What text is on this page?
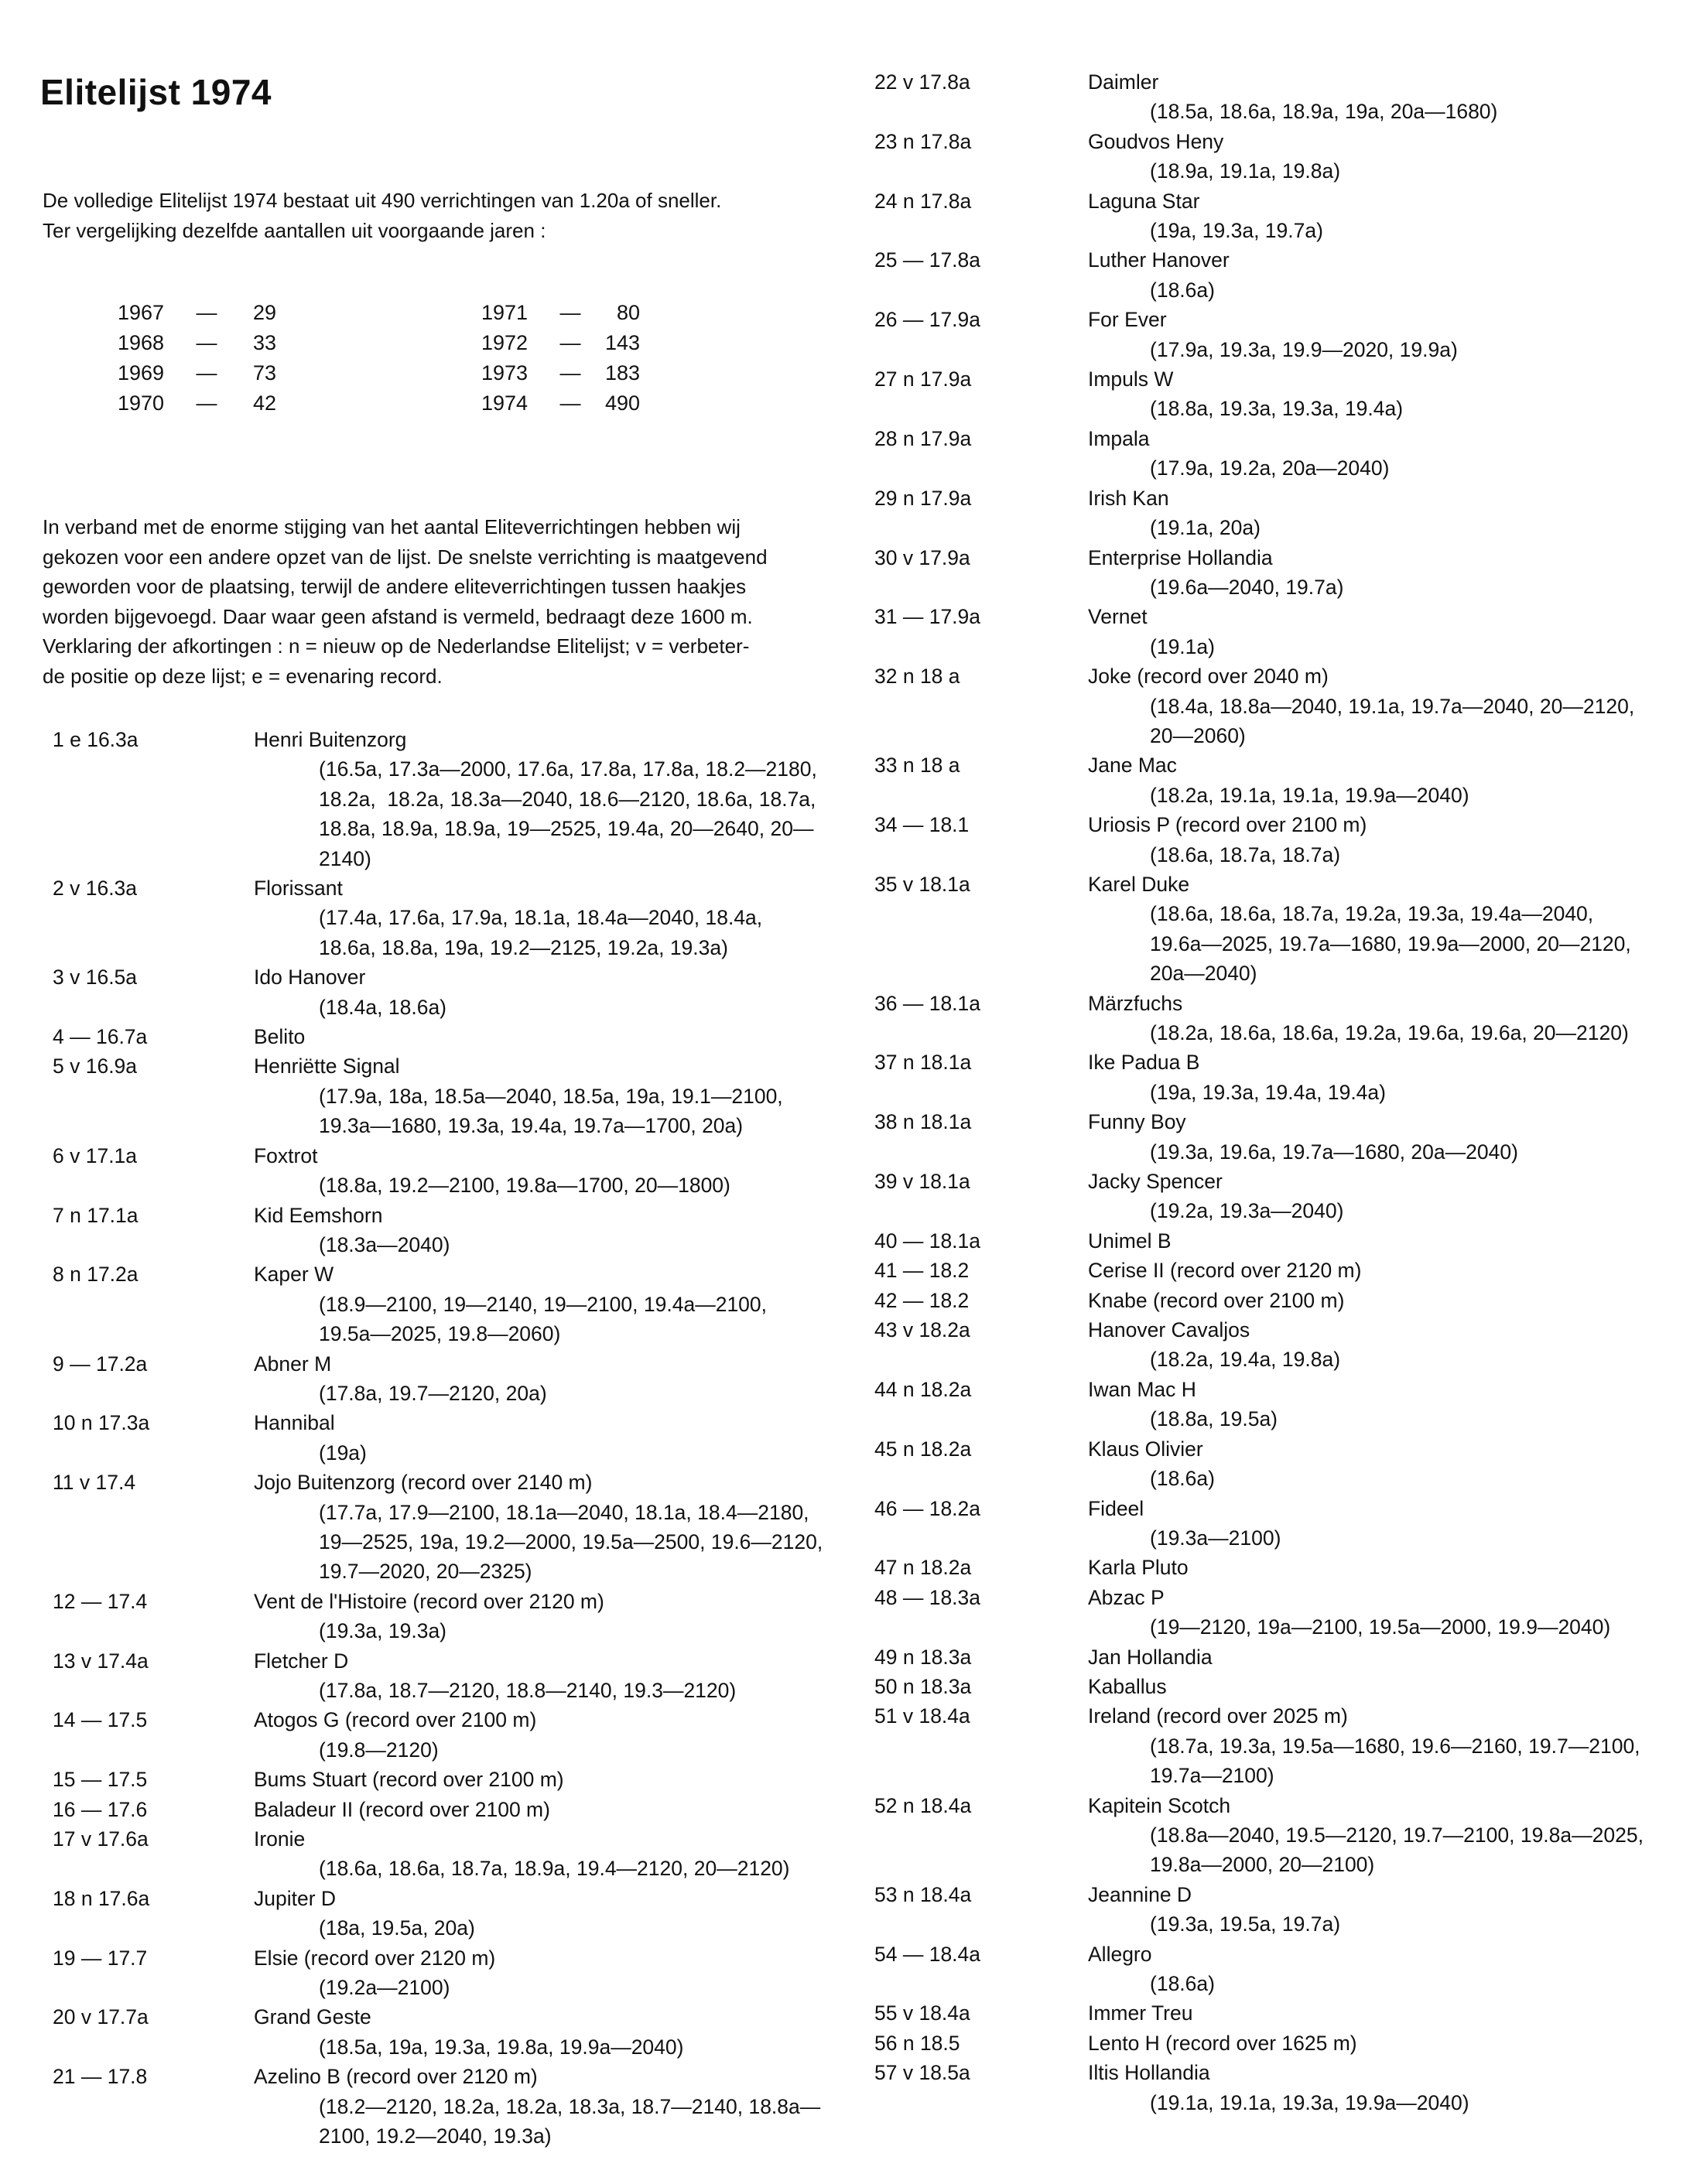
Elitelijst 1974
De volledige Elitelijst 1974 bestaat uit 490 verrichtingen van 1.20a of sneller.
Ter vergelijking dezelfde aantallen uit voorgaande jaren :
1967	—	29
1968	—	33
1969	—	73
1970	—	42
1971	—	80
1972	—	143
1973	—	183
1974	—	490
In verband met de enorme stijging van het aantal Eliteverrichtingen hebben wij
gekozen voor een andere opzet van de lijst. De snelste verrichting is maatgevend
geworden voor de plaatsing, terwijl de andere eliteverrichtingen tussen haakjes
worden bijgevoegd. Daar waar geen afstand is vermeld, bedraagt deze 1600 m.
Verklaring der afkortingen : n = nieuw op de Nederlandse Elitelijst; v = verbeter-
de positie op deze lijst; e = evenaring record.
1 e 16.3a	Henri Buitenzorg
(16.5a, 17.3a—2000, 17.6a, 17.8a, 17.8a, 18.2—2180,
18.2a,  18.2a, 18.3a—2040, 18.6—2120, 18.6a, 18.7a,
18.8a, 18.9a, 18.9a, 19—2525, 19.4a, 20—2640, 20—
2140)
2 v 16.3a	Florissant
(17.4a, 17.6a, 17.9a, 18.1a, 18.4a—2040, 18.4a,
18.6a, 18.8a, 19a, 19.2—2125, 19.2a, 19.3a)
3 v 16.5a	Ido Hanover
(18.4a, 18.6a)
4 — 16.7a	Belito
5 v 16.9a	Henriëtte Signal
(17.9a, 18a, 18.5a—2040, 18.5a, 19a, 19.1—2100,
19.3a—1680, 19.3a, 19.4a, 19.7a—1700, 20a)
6 v 17.1a	Foxtrot
(18.8a, 19.2—2100, 19.8a—1700, 20—1800)
7 n 17.1a	Kid Eemshorn
(18.3a—2040)
8 n 17.2a	Kaper W
(18.9—2100, 19—2140, 19—2100, 19.4a—2100,
19.5a—2025, 19.8—2060)
9 — 17.2a	Abner M
(17.8a, 19.7—2120, 20a)
10 n 17.3a	Hannibal
(19a)
11 v 17.4	Jojo Buitenzorg (record over 2140 m)
(17.7a, 17.9—2100, 18.1a—2040, 18.1a, 18.4—2180,
19—2525, 19a, 19.2—2000, 19.5a—2500, 19.6—2120,
19.7—2020, 20—2325)
12 — 17.4	Vent de l'Histoire (record over 2120 m)
(19.3a, 19.3a)
13 v 17.4a	Fletcher D
(17.8a, 18.7—2120, 18.8—2140, 19.3—2120)
14 — 17.5	Atogos G (record over 2100 m)
(19.8—2120)
15 — 17.5	Bums Stuart (record over 2100 m)
16 — 17.6	Baladeur II (record over 2100 m)
17 v 17.6a	Ironie
(18.6a, 18.6a, 18.7a, 18.9a, 19.4—2120, 20—2120)
18 n 17.6a	Jupiter D
(18a, 19.5a, 20a)
19 — 17.7	Elsie (record over 2120 m)
(19.2a—2100)
20 v 17.7a	Grand Geste
(18.5a, 19a, 19.3a, 19.8a, 19.9a—2040)
21 — 17.8	Azelino B (record over 2120 m)
(18.2—2120, 18.2a, 18.2a, 18.3a, 18.7—2140, 18.8a—
2100, 19.2—2040, 19.3a)
22 v 17.8a	Daimler
(18.5a, 18.6a, 18.9a, 19a, 20a—1680)
23 n 17.8a	Goudvos Heny
(18.9a, 19.1a, 19.8a)
24 n 17.8a	Laguna Star
(19a, 19.3a, 19.7a)
25 — 17.8a	Luther Hanover
(18.6a)
26 — 17.9a	For Ever
(17.9a, 19.3a, 19.9—2020, 19.9a)
27 n 17.9a	Impuls W
(18.8a, 19.3a, 19.3a, 19.4a)
28 n 17.9a	Impala
(17.9a, 19.2a, 20a—2040)
29 n 17.9a	Irish Kan
(19.1a, 20a)
30 v 17.9a	Enterprise Hollandia
(19.6a—2040, 19.7a)
31 — 17.9a	Vernet
(19.1a)
32 n 18 a	Joke (record over 2040 m)
(18.4a, 18.8a—2040, 19.1a, 19.7a—2040, 20—2120,
20—2060)
33 n 18 a	Jane Mac
(18.2a, 19.1a, 19.1a, 19.9a—2040)
34 — 18.1	Uriosis P (record over 2100 m)
(18.6a, 18.7a, 18.7a)
35 v 18.1a	Karel Duke
(18.6a, 18.6a, 18.7a, 19.2a, 19.3a, 19.4a—2040,
19.6a—2025, 19.7a—1680, 19.9a—2000, 20—2120,
20a—2040)
36 — 18.1a	Märzfuchs
(18.2a, 18.6a, 18.6a, 19.2a, 19.6a, 19.6a, 20—2120)
37 n 18.1a	Ike Padua B
(19a, 19.3a, 19.4a, 19.4a)
38 n 18.1a	Funny Boy
(19.3a, 19.6a, 19.7a—1680, 20a—2040)
39 v 18.1a	Jacky Spencer
(19.2a, 19.3a—2040)
40 — 18.1a	Unimel B
41 — 18.2	Cerise II (record over 2120 m)
42 — 18.2	Knabe (record over 2100 m)
43 v 18.2a	Hanover Cavaljos
(18.2a, 19.4a, 19.8a)
44 n 18.2a	Iwan Mac H
(18.8a, 19.5a)
45 n 18.2a	Klaus Olivier
(18.6a)
46 — 18.2a	Fideel
(19.3a—2100)
47 n 18.2a	Karla Pluto
48 — 18.3a	Abzac P
(19—2120, 19a—2100, 19.5a—2000, 19.9—2040)
49 n 18.3a	Jan Hollandia
50 n 18.3a	Kaballus
51 v 18.4a	Ireland (record over 2025 m)
(18.7a, 19.3a, 19.5a—1680, 19.6—2160, 19.7—2100,
19.7a—2100)
52 n 18.4a	Kapitein Scotch
(18.8a—2040, 19.5—2120, 19.7—2100, 19.8a—2025,
19.8a—2000, 20—2100)
53 n 18.4a	Jeannine D
(19.3a, 19.5a, 19.7a)
54 — 18.4a	Allegro
(18.6a)
55 v 18.4a	Immer Treu
56 n 18.5	Lento H (record over 1625 m)
57 v 18.5a	Iltis Hollandia
(19.1a, 19.1a, 19.3a, 19.9a—2040)
